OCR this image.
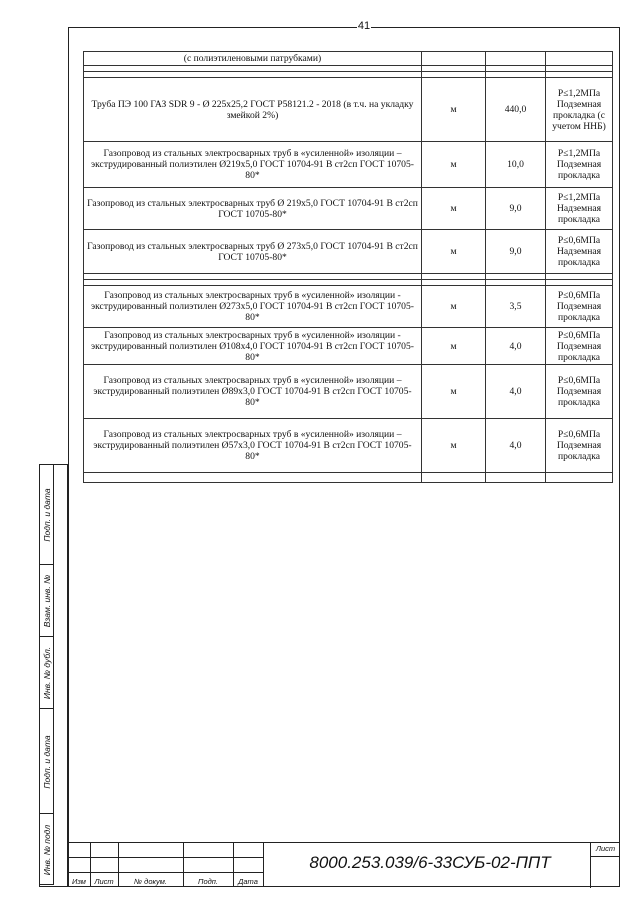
41
(с полиэтиленовыми патрубками)			

Труба ПЭ 100 ГАЗ SDR 9 - Ø 225х25,2 ГОСТ Р58121.2 - 2018 (в т.ч. на укладку змейкой 2%)	м	440,0	Р≤1,2МПа Подземная прокладка (с учетом ННБ)
Газопровод из стальных электросварных труб в «усиленной» изоляции – экструдированный полиэтилен Ø219х5,0 ГОСТ 10704-91 В ст2сп ГОСТ 10705-80*	м	10,0	Р≤1,2МПа Подземная прокладка
Газопровод из стальных электросварных труб Ø 219х5,0 ГОСТ 10704-91 В ст2сп ГОСТ 10705-80*	м	9,0	Р≤1,2МПа Надземная прокладка
Газопровод из стальных электросварных труб Ø 273х5,0 ГОСТ 10704-91 В ст2сп ГОСТ 10705-80*	м	9,0	Р≤0,6МПа Надземная прокладка

Газопровод из стальных электросварных труб в «усиленной» изоляции - экструдированный полиэтилен Ø273х5,0 ГОСТ 10704-91 В ст2сп ГОСТ 10705-80*	м	3,5	Р≤0,6МПа Подземная прокладка
Газопровод из стальных электросварных труб в «усиленной» изоляции - экструдированный полиэтилен Ø108х4,0 ГОСТ 10704-91 В ст2сп ГОСТ 10705-80*	м	4,0	Р≤0,6МПа Подземная прокладка
Газопровод из стальных электросварных труб в «усиленной» изоляции – экструдированный полиэтилен Ø89х3,0 ГОСТ 10704-91 В ст2сп ГОСТ 10705-80*	м	4,0	Р≤0,6МПа Подземная прокладка
Газопровод из стальных электросварных труб в «усиленной» изоляции – экструдированный полиэтилен Ø57х3,0 ГОСТ 10704-91 В ст2сп ГОСТ 10705-80*	м	4,0	Р≤0,6МПа Подземная прокладка

Подп. и дата
Взам. инв. №
Инв. № дубл.
Подп. и дата
Инв. № подл
Изм	Лист	№ докум.	Подп.	Дата
8000.253.039/6-33СУБ-02-ППТ
Лист
